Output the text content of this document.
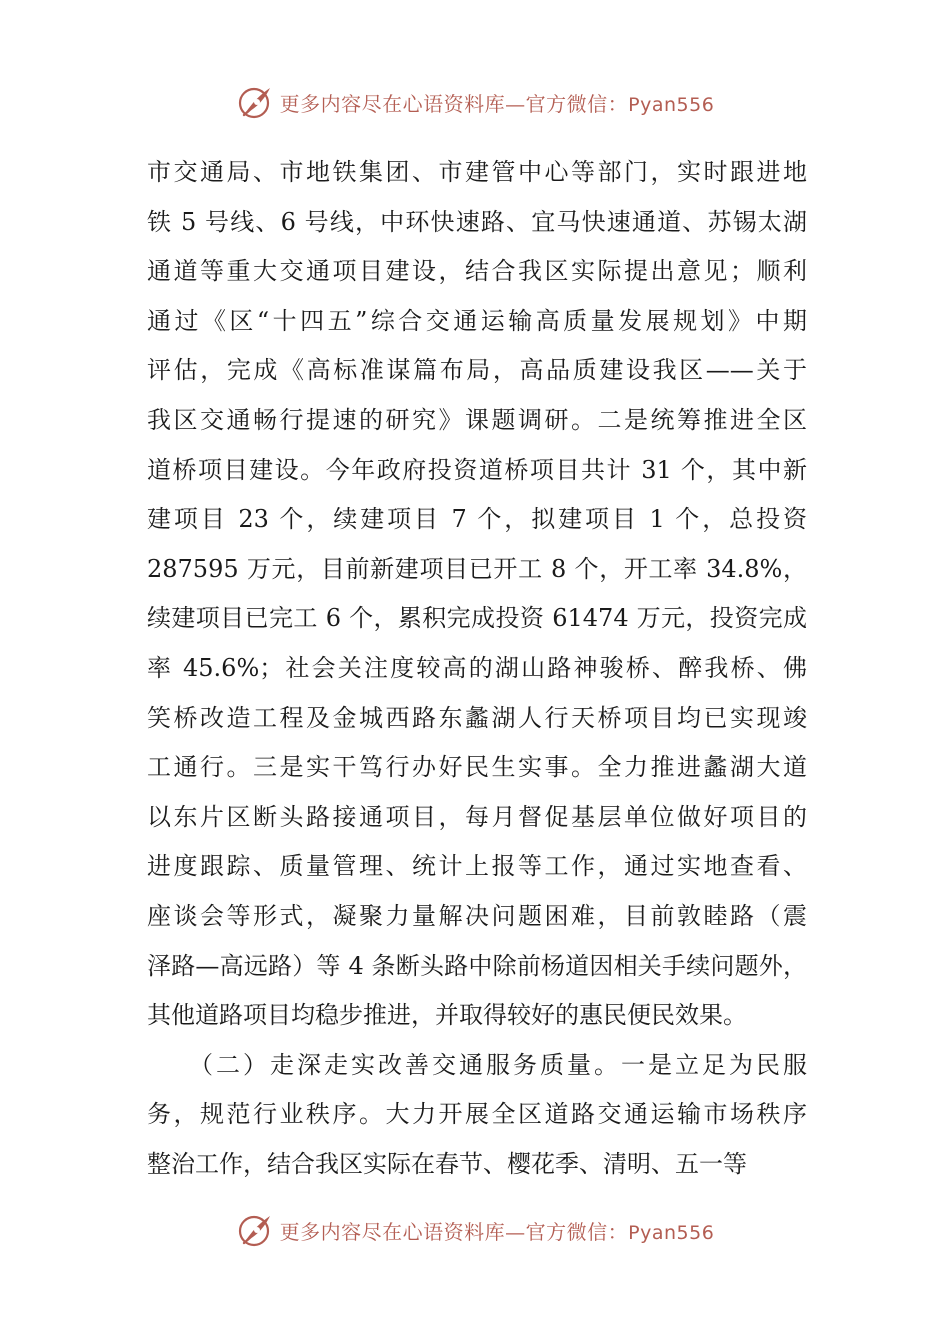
更多内容尽在心语资料库—官方微信：Pyan556
市交通局、市地铁集团、市建管中心等部门，实时跟进地
铁 5 号线、6 号线，中环快速路、宜马快速通道、苏锡太湖
通道等重大交通项目建设，结合我区实际提出意见；顺利
通过《区“十四五”综合交通运输高质量发展规划》中期
评估，完成《高标准谋篇布局，高品质建设我区——关于
我区交通畅行提速的研究》课题调研。二是统筹推进全区
道桥项目建设。今年政府投资道桥项目共计 31 个，其中新
建项目 23 个，续建项目 7 个，拟建项目 1 个，总投资
287595 万元，目前新建项目已开工 8 个，开工率 34.8%，
续建项目已完工 6 个，累积完成投资 61474 万元，投资完成
率 45.6%；社会关注度较高的湖山路神骏桥、醉我桥、佛
笑桥改造工程及金城西路东蠡湖人行天桥项目均已实现竣
工通行。三是实干笃行办好民生实事。全力推进蠡湖大道
以东片区断头路接通项目，每月督促基层单位做好项目的
进度跟踪、质量管理、统计上报等工作，通过实地查看、
座谈会等形式，凝聚力量解决问题困难，目前敦睦路（震
泽路—高远路）等 4 条断头路中除前杨道因相关手续问题外，
其他道路项目均稳步推进，并取得较好的惠民便民效果。
　　（二）走深走实改善交通服务质量。一是立足为民服
务，规范行业秩序。大力开展全区道路交通运输市场秩序
整治工作，结合我区实际在春节、樱花季、清明、五一等
更多内容尽在心语资料库—官方微信：Pyan556
